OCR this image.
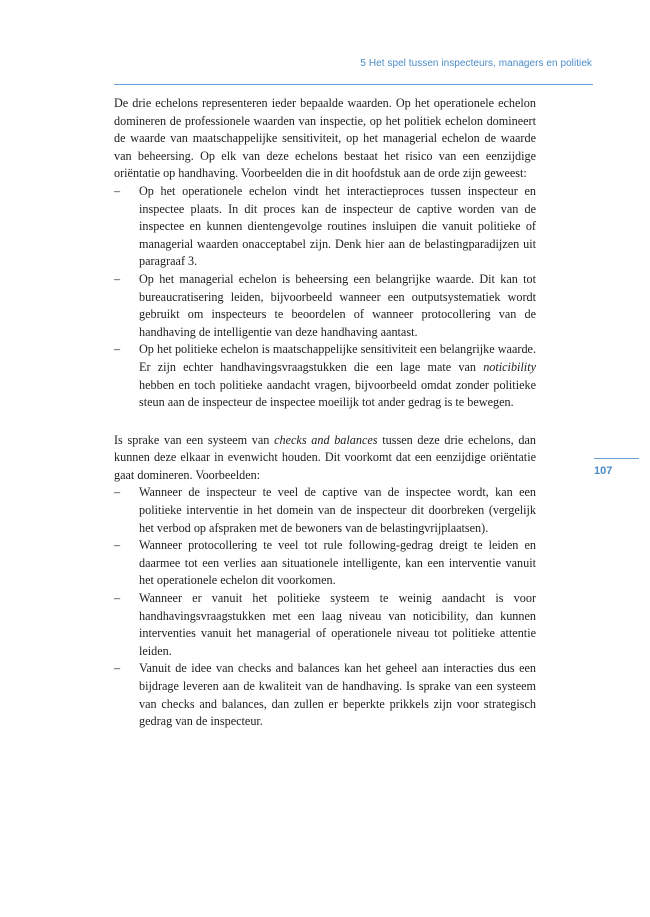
5 Het spel tussen inspecteurs, managers en politiek
107

De drie echelons representeren ieder bepaalde waarden. Op het operationele echelon domineren de professionele waarden van inspectie, op het politiek echelon domineert de waarde van maatschappelijke sensitiviteit, op het managerial echelon de waarde van beheersing. Op elk van deze echelons bestaat het risico van een eenzijdige oriëntatie op handhaving. Voorbeelden die in dit hoofdstuk aan de orde zijn geweest:

– Op het operationele echelon vindt het interactieproces tussen inspecteur en inspectee plaats. In dit proces kan de inspecteur de captive worden van de inspectee en kunnen dientengevolge routines insluipen die vanuit politieke of managerial waarden onacceptabel zijn. Denk hier aan de belastingparadijzen uit paragraaf 3.
– Op het managerial echelon is beheersing een belangrijke waarde. Dit kan tot bureaucratisering leiden, bijvoorbeeld wanneer een outputsystematiek wordt gebruikt om inspecteurs te beoordelen of wanneer protocollering van de handhaving de intelligentie van deze handhaving aantast.
– Op het politieke echelon is maatschappelijke sensitiviteit een belangrijke waarde. Er zijn echter handhavingsvraagstukken die een lage mate van noticibility hebben en toch politieke aandacht vragen, bijvoorbeeld omdat zonder politieke steun aan de inspecteur de inspectee moeilijk tot ander gedrag is te bewegen.

Is sprake van een systeem van checks and balances tussen deze drie echelons, dan kunnen deze elkaar in evenwicht houden. Dit voorkomt dat een eenzijdige oriëntatie gaat domineren. Voorbeelden:

– Wanneer de inspecteur te veel de captive van de inspectee wordt, kan een politieke interventie in het domein van de inspecteur dit doorbreken (vergelijk het verbod op afspraken met de bewoners van de belastingvrijplaatsen).
– Wanneer protocollering te veel tot rule following-gedrag dreigt te leiden en daarmee tot een verlies aan situationele intelligente, kan een interventie vanuit het operationele echelon dit voorkomen.
– Wanneer er vanuit het politieke systeem te weinig aandacht is voor handhavingsvraagstukken met een laag niveau van noticibility, dan kunnen interventies vanuit het managerial of operationele niveau tot politieke attentie leiden.
– Vanuit de idee van checks and balances kan het geheel aan interacties dus een bijdrage leveren aan de kwaliteit van de handhaving. Is sprake van een systeem van checks and balances, dan zullen er beperkte prikkels zijn voor strategisch gedrag van de inspecteur.
